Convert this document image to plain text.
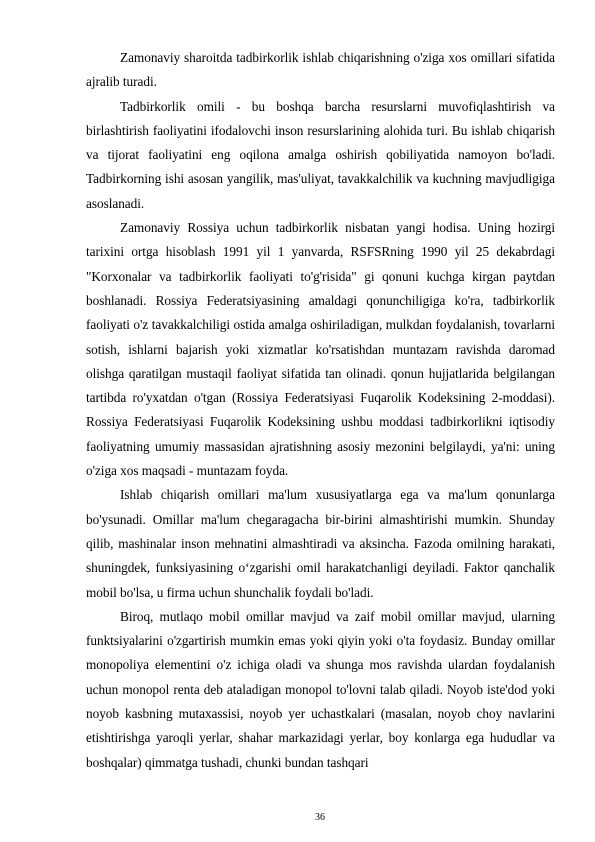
Zamonaviy sharoitda tadbirkorlik ishlab chiqarishning o'ziga xos omillari sifatida ajralib turadi.

Tadbirkorlik omili - bu boshqa barcha resurslarni muvofiqlashtirish va birlashtirish faoliyatini ifodalovchi inson resurslarining alohida turi. Bu ishlab chiqarish va tijorat faoliyatini eng oqilona amalga oshirish qobiliyatida namoyon bo'ladi. Tadbirkorning ishi asosan yangilik, mas'uliyat, tavakkalchilik va kuchning mavjudligiga asoslanadi.

Zamonaviy Rossiya uchun tadbirkorlik nisbatan yangi hodisa. Uning hozirgi tarixini ortga hisoblash 1991 yil 1 yanvarda, RSFSRning 1990 yil 25 dekabrdagi "Korxonalar va tadbirkorlik faoliyati to'g'risida" gi qonuni kuchga kirgan paytdan boshlanadi. Rossiya Federatsiyasining amaldagi qonunchiligiga ko'ra, tadbirkorlik faoliyati o'z tavakkalchiligi ostida amalga oshiriladigan, mulkdan foydalanish, tovarlarni sotish, ishlarni bajarish yoki xizmatlar ko'rsatishdan muntazam ravishda daromad olishga qaratilgan mustaqil faoliyat sifatida tan olinadi. qonun hujjatlarida belgilangan tartibda ro'yxatdan o'tgan (Rossiya Federatsiyasi Fuqarolik Kodeksining 2-moddasi). Rossiya Federatsiyasi Fuqarolik Kodeksining ushbu moddasi tadbirkorlikni iqtisodiy faoliyatning umumiy massasidan ajratishning asosiy mezonini belgilaydi, ya'ni: uning o'ziga xos maqsadi - muntazam foyda.

Ishlab chiqarish omillari ma'lum xususiyatlarga ega va ma'lum qonunlarga bo'ysunadi. Omillar ma'lum chegaragacha bir-birini almashtirishi mumkin. Shunday qilib, mashinalar inson mehnatini almashtiradi va aksincha. Fazoda omilning harakati, shuningdek, funksiyasining o‘zgarishi omil harakatchanligi deyiladi. Faktor qanchalik mobil bo'lsa, u firma uchun shunchalik foydali bo'ladi.

Biroq, mutlaqo mobil omillar mavjud va zaif mobil omillar mavjud, ularning funktsiyalarini o'zgartirish mumkin emas yoki qiyin yoki o'ta foydasiz. Bunday omillar monopoliya elementini o'z ichiga oladi va shunga mos ravishda ulardan foydalanish uchun monopol renta deb ataladigan monopol to'lovni talab qiladi. Noyob iste'dod yoki noyob kasbning mutaxassisi, noyob yer uchastkalari (masalan, noyob choy navlarini etishtirishga yaroqli yerlar, shahar markazidagi yerlar, boy konlarga ega hududlar va boshqalar) qimmatga tushadi, chunki bundan tashqari

36
